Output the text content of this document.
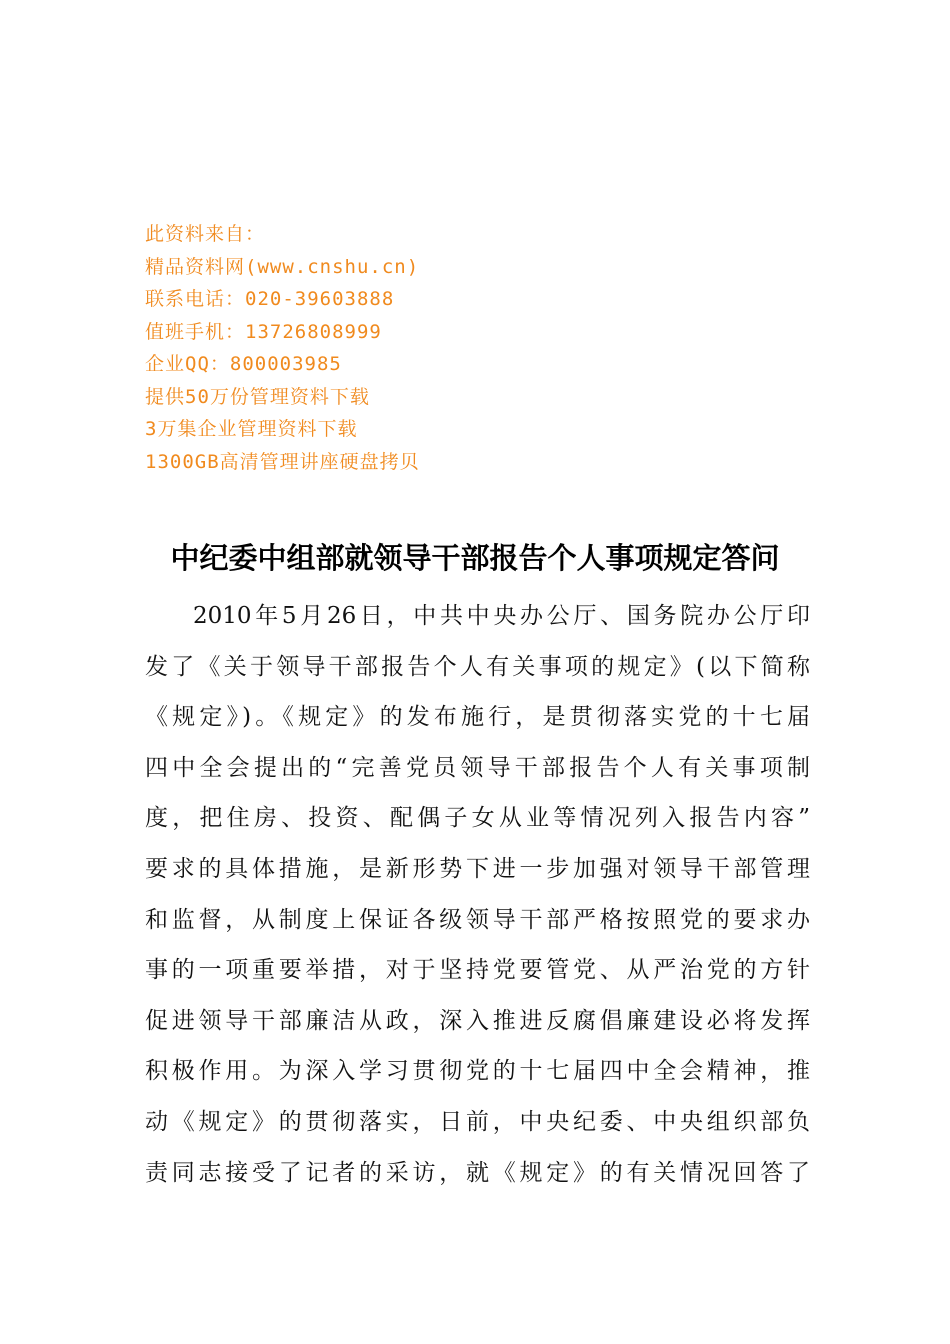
此资料来自：
精品资料网(www.cnshu.cn)
联系电话：020-39603888
值班手机：13726808999
企业QQ：800003985
提供50万份管理资料下载
3万集企业管理资料下载
1300GB高清管理讲座硬盘拷贝
中纪委中组部就领导干部报告个人事项规定答问
2010年5月26日，中共中央办公厅、国务院办公厅印
发了《关于领导干部报告个人有关事项的规定》(以下简称
《规定》)。《规定》的发布施行，是贯彻落实党的十七届
四中全会提出的“完善党员领导干部报告个人有关事项制
度，把住房、投资、配偶子女从业等情况列入报告内容”
要求的具体措施，是新形势下进一步加强对领导干部管理
和监督，从制度上保证各级领导干部严格按照党的要求办
事的一项重要举措，对于坚持党要管党、从严治党的方针
促进领导干部廉洁从政，深入推进反腐倡廉建设必将发挥
积极作用。为深入学习贯彻党的十七届四中全会精神，推
动《规定》的贯彻落实，日前，中央纪委、中央组织部负
责同志接受了记者的采访，就《规定》的有关情况回答了
